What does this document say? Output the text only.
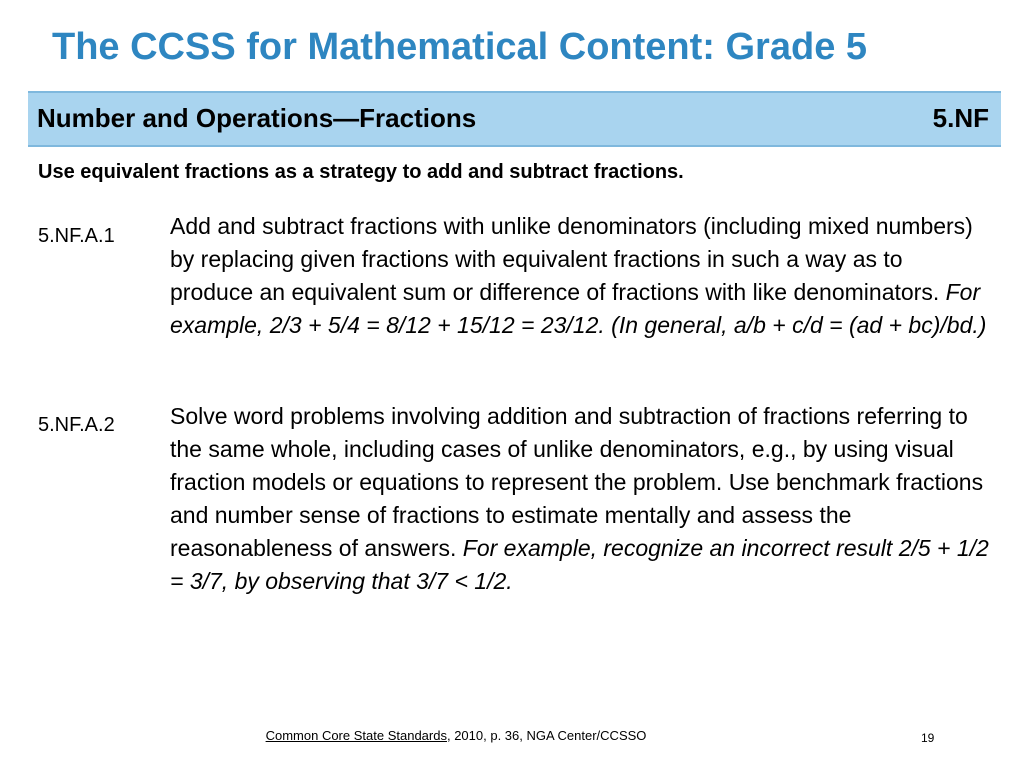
The CCSS for Mathematical Content: Grade 5
Number and Operations—Fractions	5.NF
Use equivalent fractions as a strategy to add and subtract fractions.
5.NF.A.1 Add and subtract fractions with unlike denominators (including mixed numbers) by replacing given fractions with equivalent fractions in such a way as to produce an equivalent sum or difference of fractions with like denominators. For example, 2/3 + 5/4 = 8/12 + 15/12 = 23/12. (In general, a/b + c/d = (ad + bc)/bd.)

5.NF.A.2 Solve word problems involving addition and subtraction of fractions referring to the same whole, including cases of unlike denominators, e.g., by using visual fraction models or equations to represent the problem. Use benchmark fractions and number sense of fractions to estimate mentally and assess the reasonableness of answers. For example, recognize an incorrect result 2/5 + 1/2 = 3/7, by observing that 3/7 < 1/2.

Common Core State Standards, 2010, p. 36, NGA Center/CCSSO	19
